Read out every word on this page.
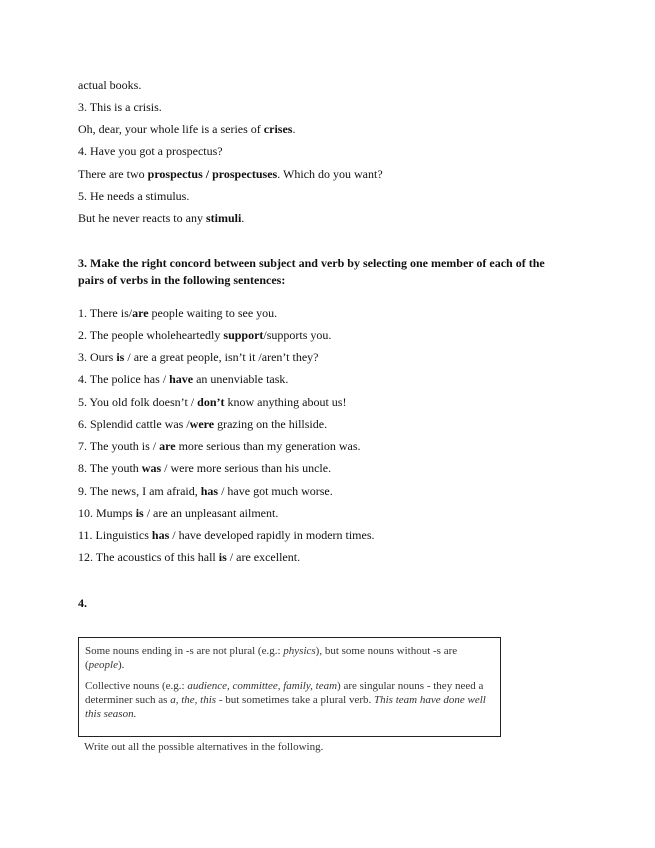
actual books.
3. This is a crisis.
Oh, dear, your whole life is a series of crises.
4. Have you got a prospectus?
There are two prospectus / prospectuses. Which do you want?
5. He needs a stimulus.
But he never reacts to any stimuli.
3. Make the right concord between subject and verb by selecting one member of each of the
pairs of verbs in the following sentences:
1. There is/are people waiting to see you.
2. The people wholeheartedly support/supports you.
3. Ours is / are a great people, isn’t it /aren’t they?
4. The police has / have an unenviable task.
5. You old folk doesn’t / don’t know anything about us!
6. Splendid cattle was /were grazing on the hillside.
7. The youth is / are more serious than my generation was.
8. The youth was / were more serious than his uncle.
9. The news, I am afraid, has / have got much worse.
10. Mumps is / are an unpleasant ailment.
11. Linguistics has / have developed rapidly in modern times.
12. The acoustics of this hall is / are excellent.
4.

Some nouns ending in -s are not plural (e.g.: physics), but some nouns without -s are (people).

Collective nouns (e.g.: audience, committee, family, team) are singular nouns - they need a determiner such as a, the, this - but sometimes take a plural verb. This team have done well this season.

Write out all the possible alternatives in the following.
